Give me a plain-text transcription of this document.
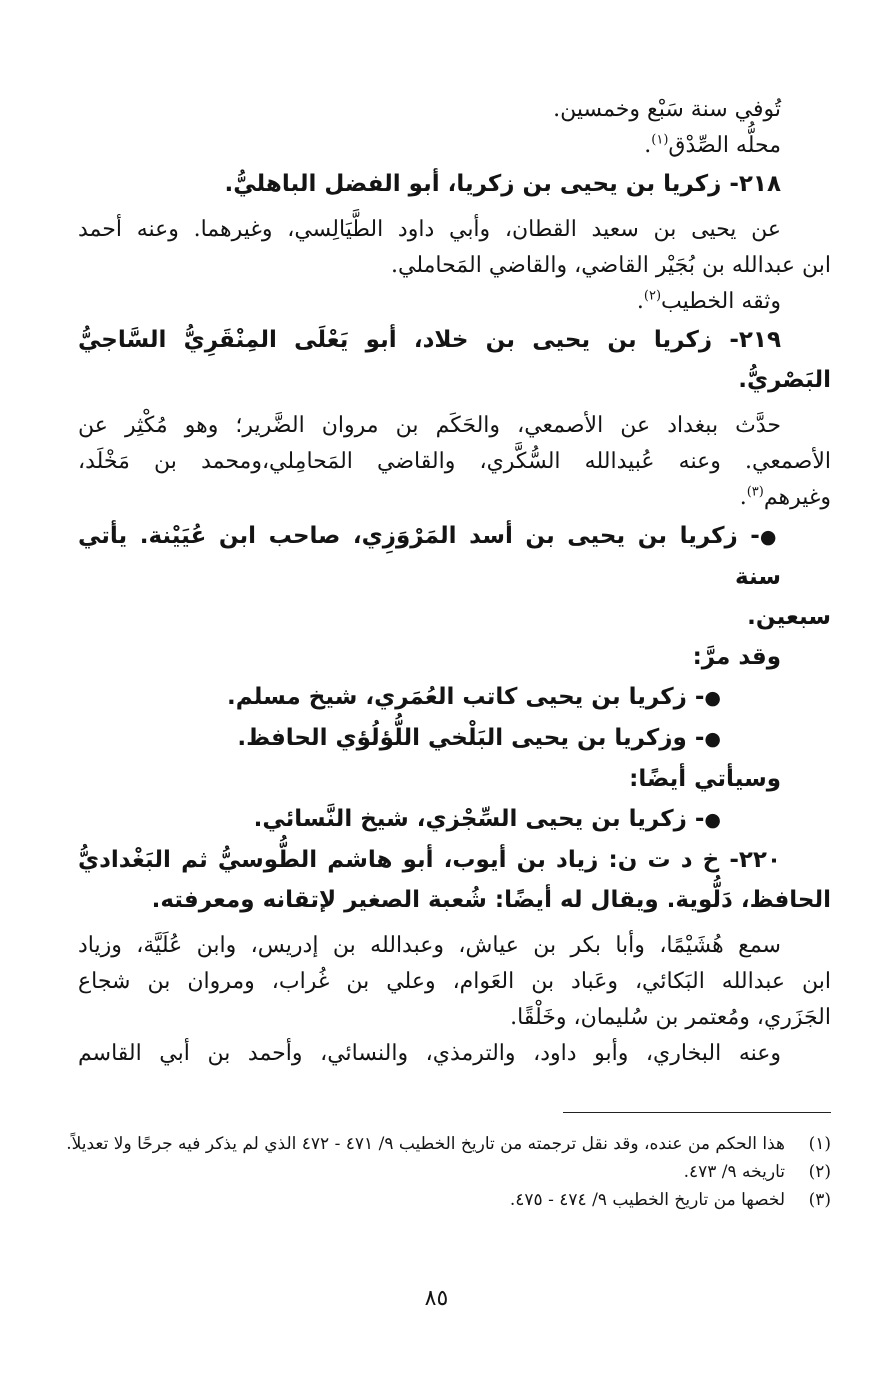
تُوفي سنة سَبْع وخمسين.
محلُّه الصِّدْق$^{(١)}$.
٢١٨- زكريا بن يحيى بن زكريا، أبو الفضل الباهليُّ.
عن يحيى بن سعيد القطان، وأبي داود الطَّيَالِسي، وغيرهما. وعنه أحمد
ابن عبدالله بن بُجَيْر القاضي، والقاضي المَحاملي.
وثقه الخطيب$^{(٢)}$.
٢١٩- زكريا بن يحيى بن خلاد، أبو يَعْلَى المِنْقَرِيُّ السَّاجيُّ
البَصْريُّ.
حدَّث ببغداد عن الأصمعي، والحَكَم بن مروان الضَّرير؛ وهو مُكْثِر عن
الأصمعي. وعنه عُبيدالله السُّكَّري، والقاضي المَحامِلي،ومحمد بن مَخْلَد،
وغيرهم$^{(٣)}$.
●- زكريا بن يحيى بن أسد المَرْوَزِي، صاحب ابن عُيَيْنة. يأتي سنة
سبعين.
وقد مرَّ:
●- زكريا بن يحيى كاتب العُمَري، شيخ مسلم.
●- وزكريا بن يحيى البَلْخي اللُّؤلُؤي الحافظ.
وسيأتي أيضًا:
●- زكريا بن يحيى السِّجْزي، شيخ النَّسائي.
٢٢٠- خ د ت ن: زياد بن أيوب، أبو هاشم الطُّوسيُّ ثم البَغْداديُّ
الحافظ، دَلُّوية. ويقال له أيضًا: شُعبة الصغير لإتقانه ومعرفته.
سمع هُشَيْمًا، وأبا بكر بن عياش، وعبدالله بن إدريس، وابن عُلَيَّة، وزياد
ابن عبدالله البَكائي، وعَباد بن العَوام، وعلي بن غُراب، ومروان بن شجاع
الجَزَري، ومُعتمر بن سُليمان، وخَلْقًا.
وعنه البخاري، وأبو داود، والترمذي، والنسائي، وأحمد بن أبي القاسم
(١)
هذا الحكم من عنده، وقد نقل ترجمته من تاريخ الخطيب ٩/ ٤٧١ - ٤٧٢ الذي لم يذكر فيه جرحًا ولا تعديلاً.
(٢)
تاريخه ٩/ ٤٧٣.
(٣)
لخصها من تاريخ الخطيب ٩/ ٤٧٤ - ٤٧٥.
٨٥
